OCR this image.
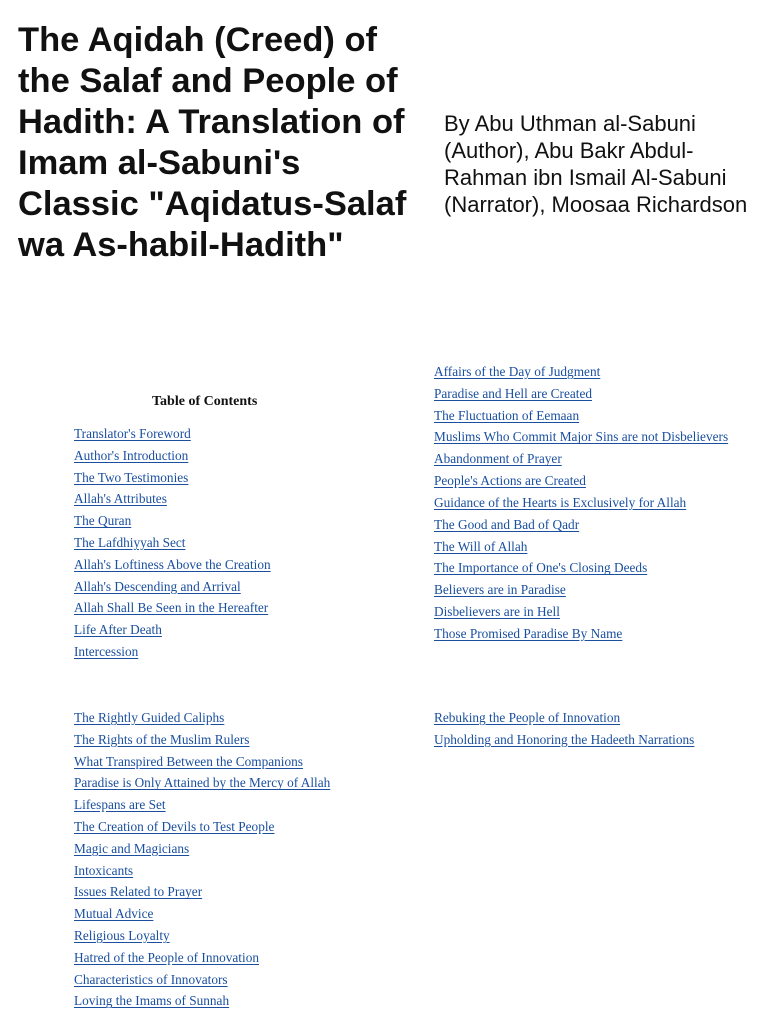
The Aqidah (Creed) of the Salaf and People of Hadith: A Translation of Imam al-Sabuni's Classic "Aqidatus-Salaf wa As-habil-Hadith"

By Abu Uthman al-Sabuni (Author), Abu Bakr Abdul-Rahman ibn Ismail Al-Sabuni (Narrator), Moosaa Richardson

Table of Contents
Translator's Foreword
Author's Introduction
The Two Testimonies
Allah's Attributes
The Quran
The Lafdhiyyah Sect
Allah's Loftiness Above the Creation
Allah's Descending and Arrival
Allah Shall Be Seen in the Hereafter
Life After Death
Intercession
The Rightly Guided Caliphs
The Rights of the Muslim Rulers
What Transpired Between the Companions
Paradise is Only Attained by the Mercy of Allah
Lifespans are Set
The Creation of Devils to Test People
Magic and Magicians
Intoxicants
Issues Related to Prayer
Mutual Advice
Religious Loyalty
Hatred of the People of Innovation
Characteristics of Innovators
Loving the Imams of Sunnah
Affairs of the Day of Judgment
Paradise and Hell are Created
The Fluctuation of Eemaan
Muslims Who Commit Major Sins are not Disbelievers
Abandonment of Prayer
People's Actions are Created
Guidance of the Hearts is Exclusively for Allah
The Good and Bad of Qadr
The Will of Allah
The Importance of One's Closing Deeds
Believers are in Paradise
Disbelievers are in Hell
Those Promised Paradise By Name
Rebuking the People of Innovation
Upholding and Honoring the Hadeeth Narrations
